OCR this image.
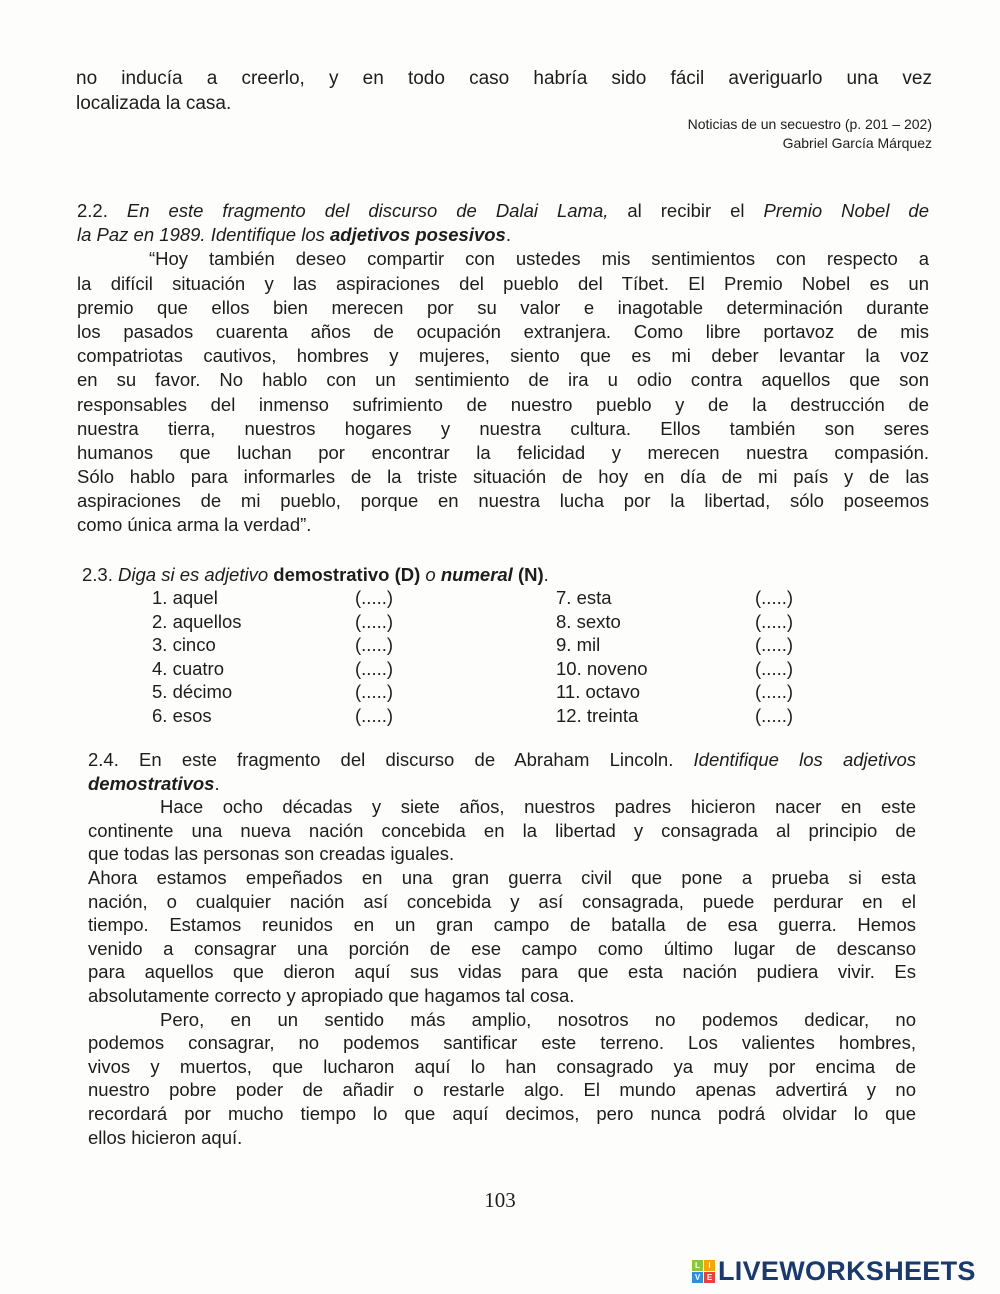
no inducía a creerlo, y en todo caso habría sido fácil averiguarlo una vez
localizada la casa.
Noticias de un secuestro (p. 201 – 202)
Gabriel García Márquez
2.2. En este fragmento del discurso de Dalai Lama, al recibir el Premio Nobel de
la Paz en 1989. Identifique los adjetivos posesivos.
“Hoy también deseo compartir con ustedes mis sentimientos con respecto a
la difícil situación y las aspiraciones del pueblo del Tíbet. El Premio Nobel es un
premio que ellos bien merecen por su valor e inagotable determinación durante
los pasados cuarenta años de ocupación extranjera. Como libre portavoz de mis
compatriotas cautivos, hombres y mujeres, siento que es mi deber levantar la voz
en su favor. No hablo con un sentimiento de ira u odio contra aquellos que son
responsables del inmenso sufrimiento de nuestro pueblo y de la destrucción de
nuestra tierra, nuestros hogares y nuestra cultura. Ellos también son seres
humanos que luchan por encontrar la felicidad y merecen nuestra compasión.
Sólo hablo para informarles de la triste situación de hoy en día de mi país y de las
aspiraciones de mi pueblo, porque en nuestra lucha por la libertad, sólo poseemos
como única arma la verdad”.
2.3. Diga si es adjetivo demostrativo (D) o numeral (N).
1. aquel	(.....)	7. esta	(.....)
2. aquellos	(.....)	8. sexto	(.....)
3. cinco	(.....)	9. mil	(.....)
4. cuatro	(.....)	10. noveno	(.....)
5. décimo	(.....)	11. octavo	(.....)
6. esos	(.....)	12. treinta	(.....)
2.4. En este fragmento del discurso de Abraham Lincoln. Identifique los adjetivos
demostrativos.
Hace ocho décadas y siete años, nuestros padres hicieron nacer en este
continente una nueva nación concebida en la libertad y consagrada al principio de
que todas las personas son creadas iguales.
Ahora estamos empeñados en una gran guerra civil que pone a prueba si esta
nación, o cualquier nación así concebida y así consagrada, puede perdurar en el
tiempo. Estamos reunidos en un gran campo de batalla de esa guerra. Hemos
venido a consagrar una porción de ese campo como último lugar de descanso
para aquellos que dieron aquí sus vidas para que esta nación pudiera vivir. Es
absolutamente correcto y apropiado que hagamos tal cosa.
Pero, en un sentido más amplio, nosotros no podemos dedicar, no
podemos consagrar, no podemos santificar este terreno. Los valientes hombres,
vivos y muertos, que lucharon aquí lo han consagrado ya muy por encima de
nuestro pobre poder de añadir o restarle algo. El mundo apenas advertirá y no
recordará por mucho tiempo lo que aquí decimos, pero nunca podrá olvidar lo que
ellos hicieron aquí.
103
L	I
V E LIVEWORKSHEETS
